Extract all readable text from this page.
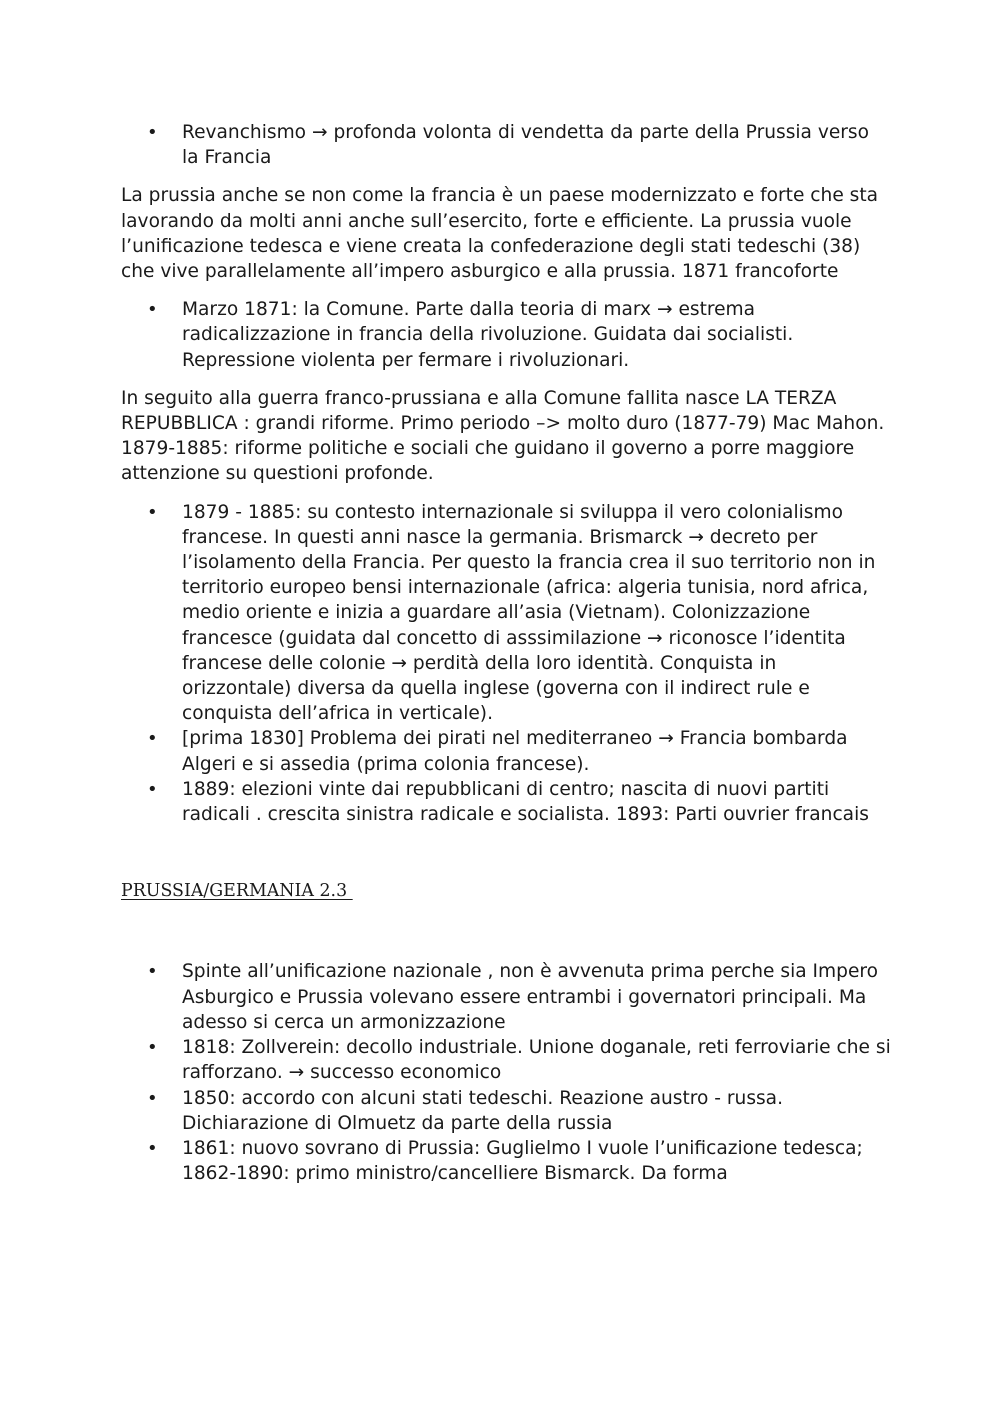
• Revanchismo → profonda volonta di vendetta da parte della Prussia verso la Francia

La prussia anche se non come la francia è un paese modernizzato e forte che sta lavorando da molti anni anche sull’esercito, forte e efficiente. La prussia vuole l’unificazione tedesca e viene creata la confederazione degli stati tedeschi (38) che vive parallelamente all’impero asburgico e alla prussia. 1871 francoforte

• Marzo 1871: la Comune. Parte dalla teoria di marx → estrema radicalizzazione in francia della rivoluzione. Guidata dai socialisti. Repressione violenta per fermare i rivoluzionari.

In seguito alla guerra franco-prussiana e alla Comune fallita nasce LA TERZA REPUBBLICA : grandi riforme. Primo periodo –> molto duro (1877-79) Mac Mahon. 1879-1885: riforme politiche e sociali che guidano il governo a porre maggiore attenzione su questioni profonde.

• 1879 - 1885: su contesto internazionale si sviluppa il vero colonialismo francese. In questi anni nasce la germania. Brismarck → decreto per l’isolamento della Francia. Per questo la francia crea il suo territorio non in territorio europeo bensi internazionale (africa: algeria tunisia, nord africa, medio oriente e inizia a guardare all’asia (Vietnam). Colonizzazione francesce (guidata dal concetto di asssimilazione → riconosce l’identita francese delle colonie → perdità della loro identità. Conquista in orizzontale) diversa da quella inglese (governa con il indirect rule e conquista dell’africa in verticale).
• [prima 1830] Problema dei pirati nel mediterraneo → Francia bombarda Algeri e si assedia (prima colonia francese).
• 1889: elezioni vinte dai repubblicani di centro; nascita di nuovi partiti radicali . crescita sinistra radicale e socialista. 1893: Parti ouvrier francais

PRUSSIA/GERMANIA 2.3

• Spinte all’unificazione nazionale , non è avvenuta prima perche sia Impero Asburgico e Prussia volevano essere entrambi i governatori principali. Ma adesso si cerca un armonizzazione
• 1818: Zollverein: decollo industriale. Unione doganale, reti ferroviarie che si rafforzano. → successo economico
• 1850: accordo con alcuni stati tedeschi. Reazione austro - russa. Dichiarazione di Olmuetz da parte della russia
• 1861: nuovo sovrano di Prussia: Guglielmo I vuole l’unificazione tedesca; 1862-1890: primo ministro/cancelliere Bismarck. Da forma
